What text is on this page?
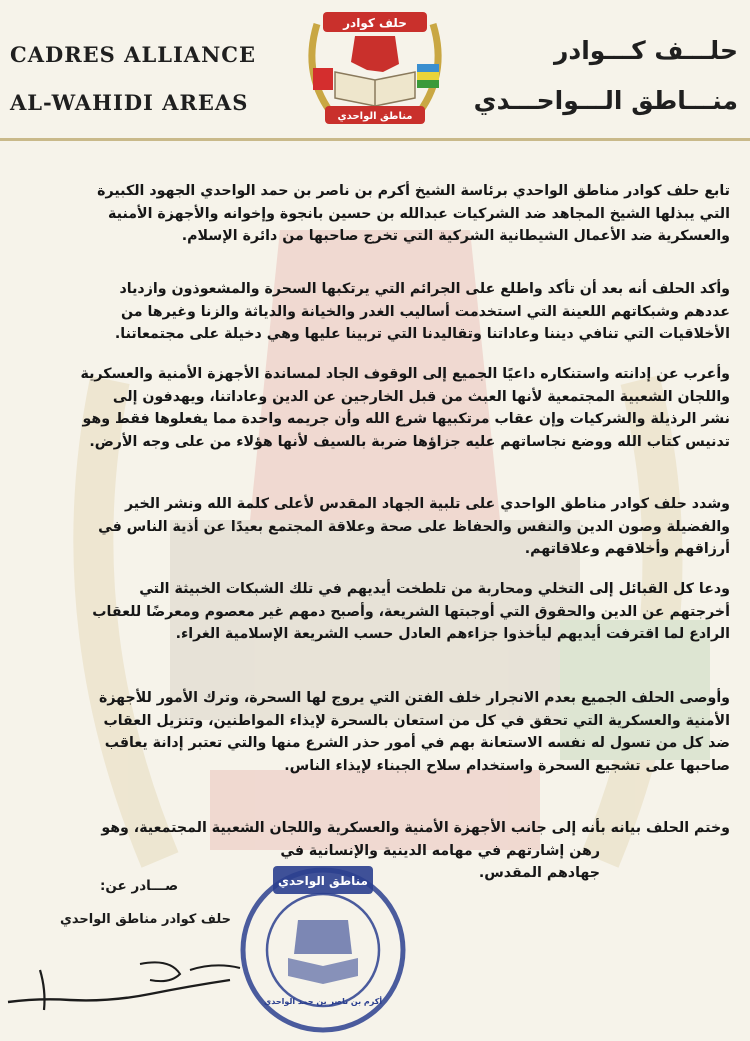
CADRES ALLIANCE
AL-WAHIDI AREAS
حلـــف كـــوادر
منـــاطق الـــواحـــدي
حلف كوادر
مناطق الواحدي
تابع حلف كوادر مناطق الواحدي برئاسة الشيخ أكرم بن ناصر بن حمد الواحدي الجهود الكبيرة
التي يبذلها الشيخ المجاهد ضد الشركيات عبدالله بن حسين بانجوة وإخوانه والأجهزة الأمنية
والعسكرية ضد الأعمال الشيطانية الشركية التي تخرج صاحبها من دائرة الإسلام.
وأكد الحلف أنه بعد أن تأكد واطلع على الجرائم التي يرتكبها السحرة والمشعوذون وازدياد
عددهم وشبكاتهم اللعينة التي استخدمت أساليب الغدر والخيانة والدياثة والزنا وغيرها من
الأخلاقيات التي تنافي ديننا وعاداتنا وتقاليدنا التي تربينا عليها وهي دخيلة على مجتمعاتنا.
وأعرب عن إدانته واستنكاره داعيًا الجميع إلى الوقوف الجاد لمساندة الأجهزة الأمنية والعسكرية
واللجان الشعبية المجتمعية لأنها العبث من قبل الخارجين عن الدين وعاداتنا، ويهدفون إلى
نشر الرذيلة والشركيات وإن عقاب مرتكبيها شرع الله وأن جريمه واحدة مما يفعلوها فقط وهو
تدنيس كتاب الله ووضع نجاساتهم عليه جزاؤها ضربة بالسيف لأنها هؤلاء من على وجه الأرض.
وشدد حلف كوادر مناطق الواحدي على تلبية الجهاد المقدس لأعلى كلمة الله ونشر الخير
والفضيلة وصون الدين والنفس والحفاظ على صحة وعلاقة المجتمع بعيدًا عن أذية الناس في
أرزاقهم وأخلاقهم وعلاقاتهم.
ودعا كل القبائل إلى التخلي ومحاربة من تلطخت أيديهم في تلك الشبكات الخبيثة التي
أخرجتهم عن الدين والحقوق التي أوجبتها الشريعة، وأصبح دمهم غير معصوم ومعرضًا للعقاب
الرادع لما اقترفت أيديهم ليأخذوا جزاءهم العادل حسب الشريعة الإسلامية الغراء.
وأوصى الحلف الجميع بعدم الانجرار خلف الفتن التي يروج لها السحرة، وترك الأمور للأجهزة
الأمنية والعسكرية التي تحقق في كل من استعان بالسحرة لإيذاء المواطنين، وتنزيل العقاب
ضد كل من تسول له نفسه الاستعانة بهم في أمور حذر الشرع منها والتي تعتبر إدانة يعاقب
صاحبها على تشجيع السحرة واستخدام سلاح الجبناء لإيذاء الناس.
وختم الحلف بيانه بأنه إلى جانب الأجهزة الأمنية والعسكرية واللجان الشعبية المجتمعية، وهو
رهن إشارتهم في مهامه الدينية والإنسانية في
جهادهم المقدس.
صـــادر عن:
حلف كوادر مناطق الواحدي
مناطق الواحدي
أكرم بن ناصر بن حمد الواحدي
